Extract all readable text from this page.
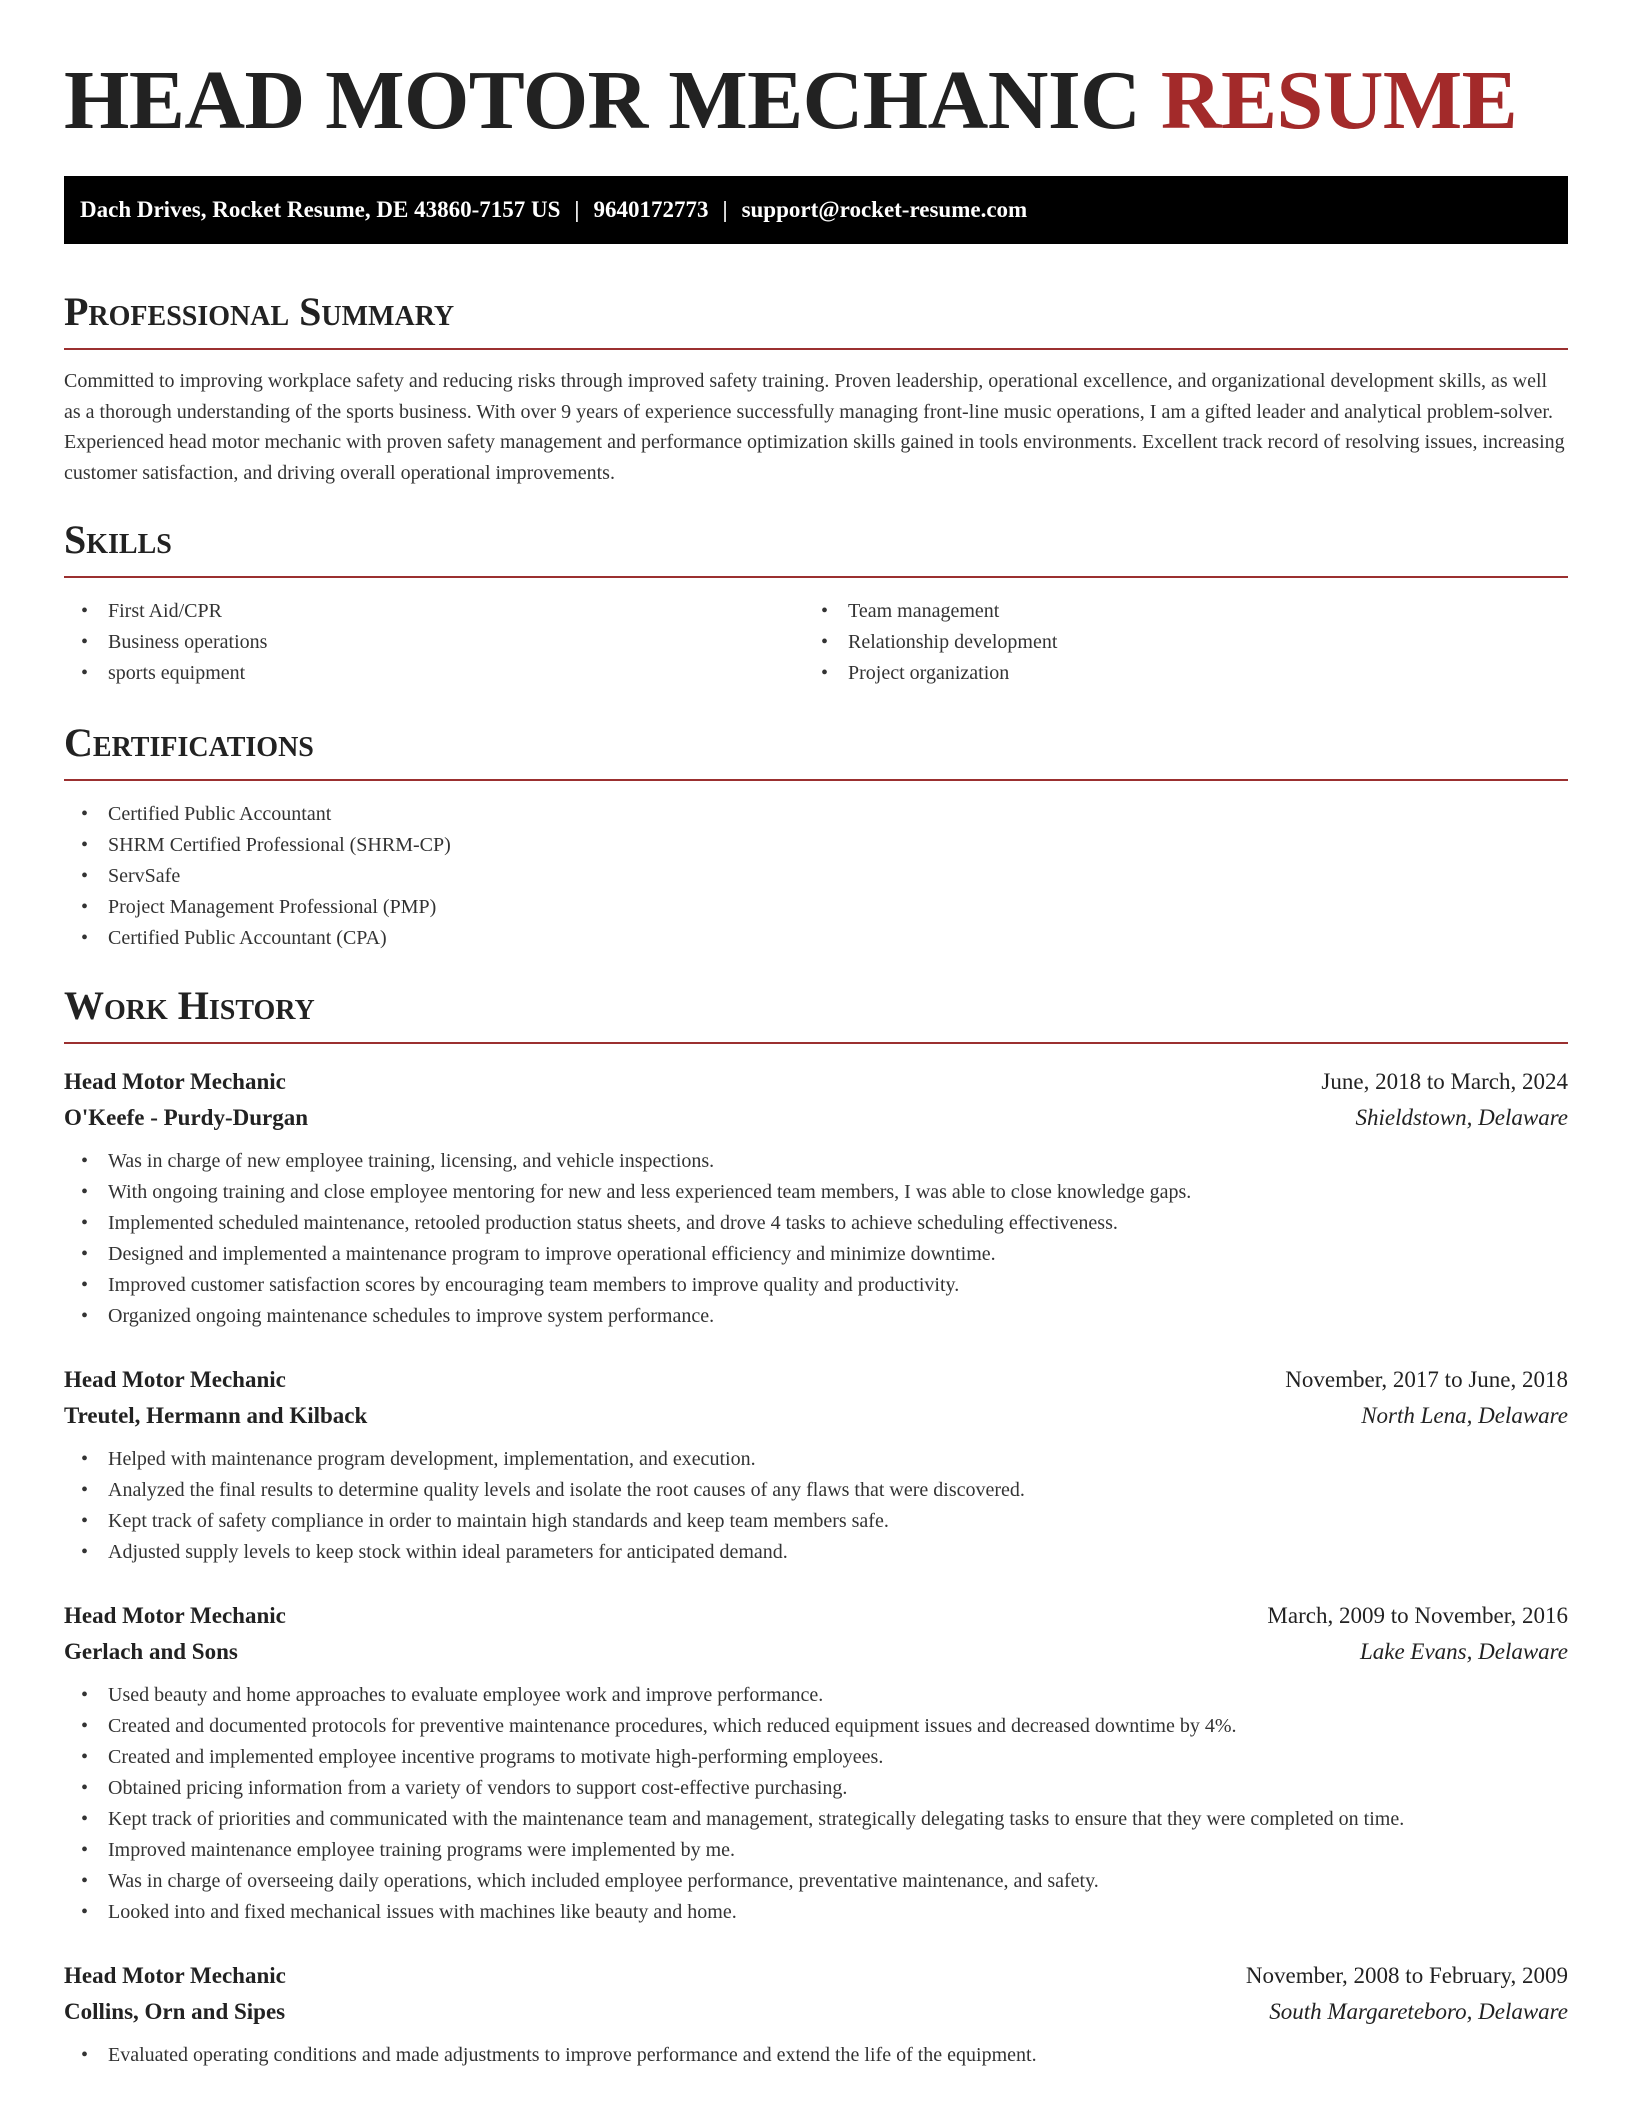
HEAD MOTOR MECHANIC RESUME
Dach Drives, Rocket Resume, DE 43860-7157 US | 9640172773 | support@rocket-resume.com
Professional Summary

Committed to improving workplace safety and reducing risks through improved safety training. Proven leadership, operational excellence, and organizational development skills, as well as a thorough understanding of the sports business. With over 9 years of experience successfully managing front-line music operations, I am a gifted leader and analytical problem-solver. Experienced head motor mechanic with proven safety management and performance optimization skills gained in tools environments. Excellent track record of resolving issues, increasing customer satisfaction, and driving overall operational improvements.

Skills
• First Aid/CPR
• Business operations
• sports equipment
• Team management
• Relationship development
• Project organization
Certifications
• Certified Public Accountant
• SHRM Certified Professional (SHRM-CP)
• ServSafe
• Project Management Professional (PMP)
• Certified Public Accountant (CPA)
Work History
Head Motor Mechanic	June, 2018 to March, 2024
O'Keefe - Purdy-Durgan	Shieldstown, Delaware
• Was in charge of new employee training, licensing, and vehicle inspections.
• With ongoing training and close employee mentoring for new and less experienced team members, I was able to close knowledge gaps.
• Implemented scheduled maintenance, retooled production status sheets, and drove 4 tasks to achieve scheduling effectiveness.
• Designed and implemented a maintenance program to improve operational efficiency and minimize downtime.
• Improved customer satisfaction scores by encouraging team members to improve quality and productivity.
• Organized ongoing maintenance schedules to improve system performance.
Head Motor Mechanic	November, 2017 to June, 2018
Treutel, Hermann and Kilback	North Lena, Delaware
• Helped with maintenance program development, implementation, and execution.
• Analyzed the final results to determine quality levels and isolate the root causes of any flaws that were discovered.
• Kept track of safety compliance in order to maintain high standards and keep team members safe.
• Adjusted supply levels to keep stock within ideal parameters for anticipated demand.
Head Motor Mechanic	March, 2009 to November, 2016
Gerlach and Sons	Lake Evans, Delaware
• Used beauty and home approaches to evaluate employee work and improve performance.
• Created and documented protocols for preventive maintenance procedures, which reduced equipment issues and decreased downtime by 4%.
• Created and implemented employee incentive programs to motivate high-performing employees.
• Obtained pricing information from a variety of vendors to support cost-effective purchasing.
• Kept track of priorities and communicated with the maintenance team and management, strategically delegating tasks to ensure that they were completed on time.
• Improved maintenance employee training programs were implemented by me.
• Was in charge of overseeing daily operations, which included employee performance, preventative maintenance, and safety.
• Looked into and fixed mechanical issues with machines like beauty and home.
Head Motor Mechanic	November, 2008 to February, 2009
Collins, Orn and Sipes	South Margareteboro, Delaware
• Evaluated operating conditions and made adjustments to improve performance and extend the life of the equipment.
